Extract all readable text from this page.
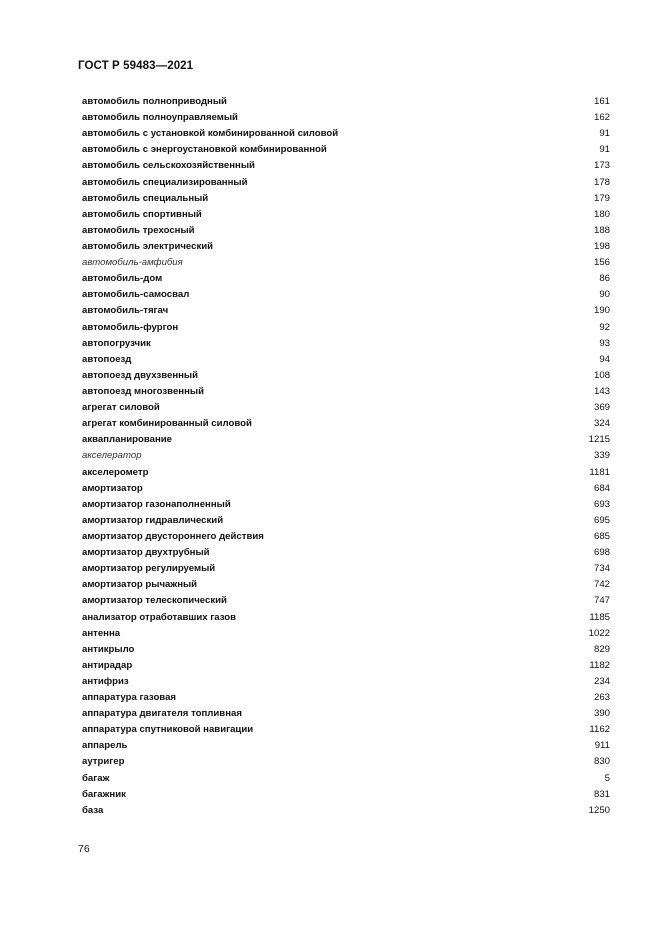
ГОСТ Р 59483—2021
автомобиль полноприводный	161
автомобиль полноуправляемый	162
автомобиль с установкой комбинированной силовой	91
автомобиль с энергоустановкой комбинированной	91
автомобиль сельскохозяйственный	173
автомобиль специализированный	178
автомобиль специальный	179
автомобиль спортивный	180
автомобиль трехосный	188
автомобиль электрический	198
автомобиль-амфибия	156
автомобиль-дом	86
автомобиль-самосвал	90
автомобиль-тягач	190
автомобиль-фургон	92
автопогрузчик	93
автопоезд	94
автопоезд двухзвенный	108
автопоезд многозвенный	143
агрегат силовой	369
агрегат комбинированный силовой	324
аквапланирование	1215
акселератор	339
акселерометр	1181
амортизатор	684
амортизатор газонаполненный	693
амортизатор гидравлический	695
амортизатор двустороннего действия	685
амортизатор двухтрубный	698
амортизатор регулируемый	734
амортизатор рычажный	742
амортизатор телескопический	747
анализатор отработавших газов	1185
антенна	1022
антикрыло	829
антирадар	1182
антифриз	234
аппаратура газовая	263
аппаратура двигателя топливная	390
аппаратура спутниковой навигации	1162
аппарель	911
аутригер	830
багаж	5
багажник	831
база	1250
76
